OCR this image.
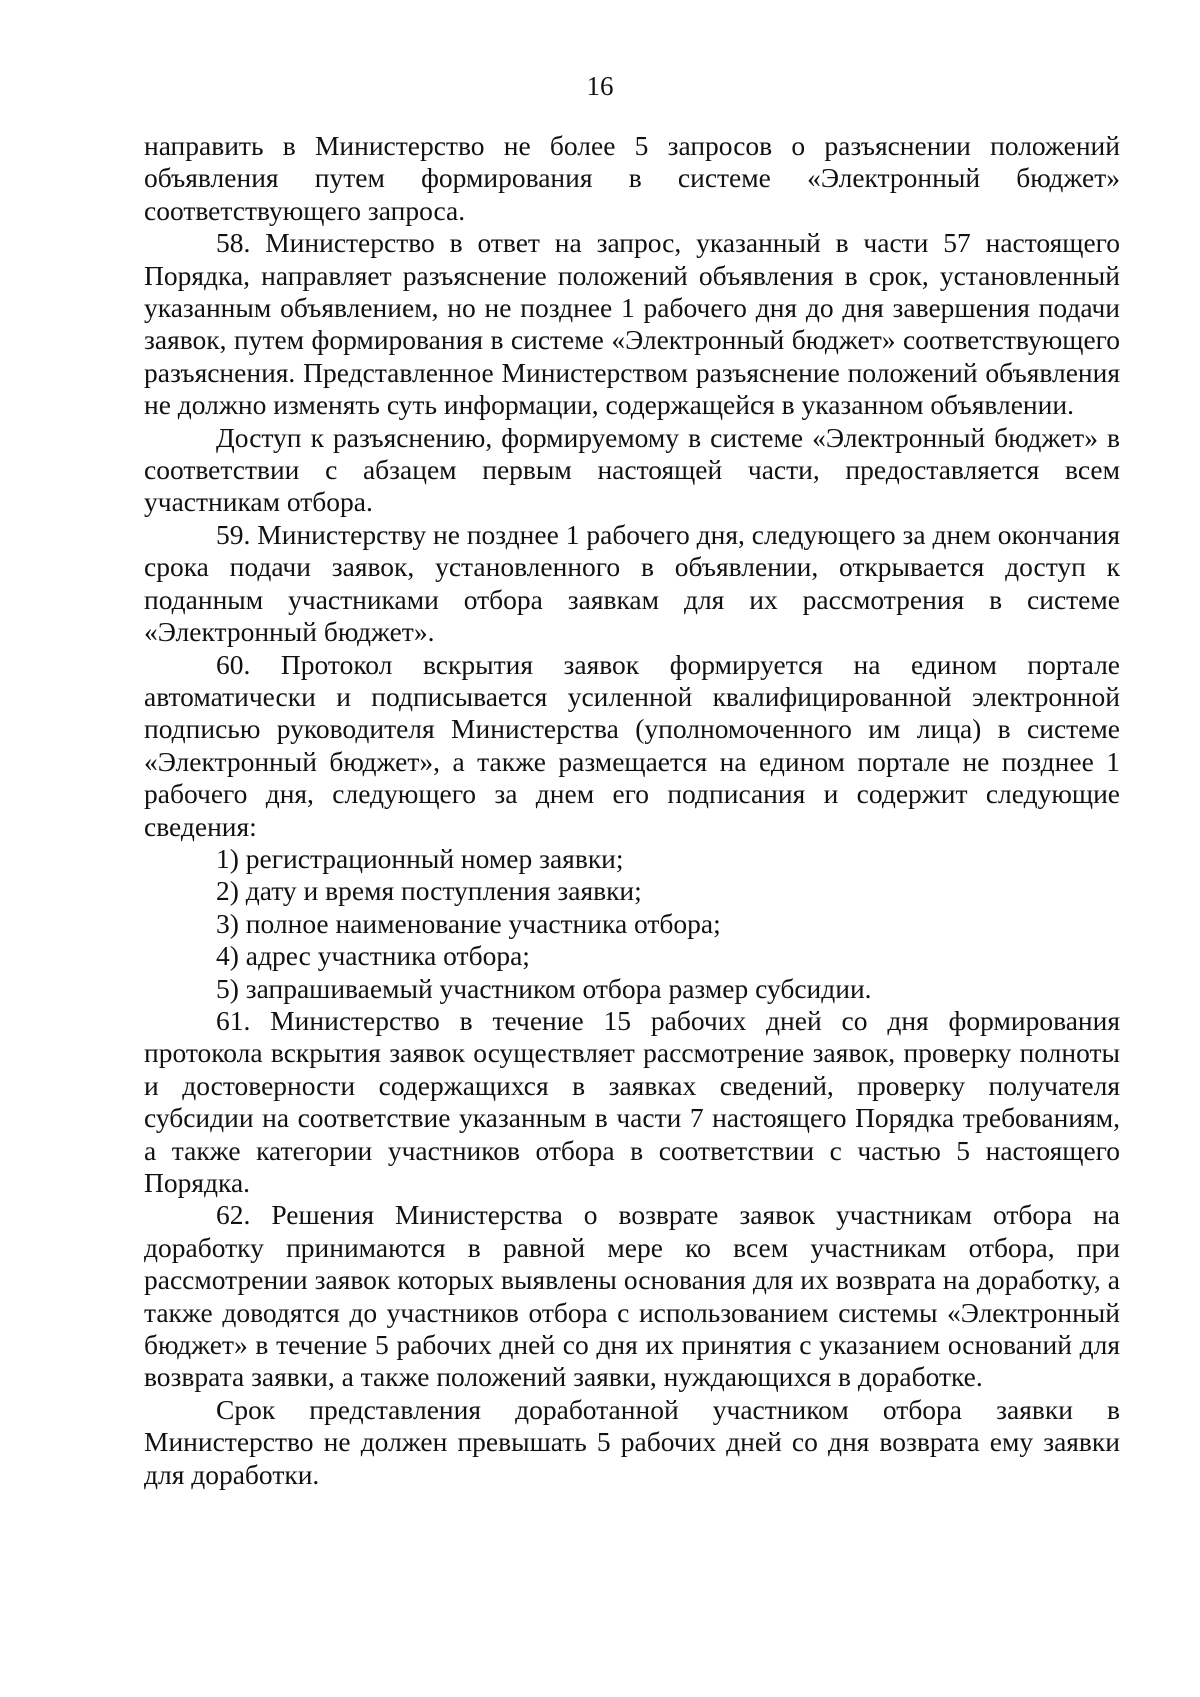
16

направить в Министерство не более 5 запросов о разъяснении положений объявления путем формирования в системе «Электронный бюджет» соответствующего запроса.

58. Министерство в ответ на запрос, указанный в части 57 настоящего Порядка, направляет разъяснение положений объявления в срок, установленный указанным объявлением, но не позднее 1 рабочего дня до дня завершения подачи заявок, путем формирования в системе «Электронный бюджет» соответствующего разъяснения. Представленное Министерством разъяснение положений объявления не должно изменять суть информации, содержащейся в указанном объявлении.

Доступ к разъяснению, формируемому в системе «Электронный бюджет» в соответствии с абзацем первым настоящей части, предоставляется всем участникам отбора.

59. Министерству не позднее 1 рабочего дня, следующего за днем окончания срока подачи заявок, установленного в объявлении, открывается доступ к поданным участниками отбора заявкам для их рассмотрения в системе «Электронный бюджет».

60. Протокол вскрытия заявок формируется на едином портале автоматически и подписывается усиленной квалифицированной электронной подписью руководителя Министерства (уполномоченного им лица) в системе «Электронный бюджет», а также размещается на едином портале не позднее 1 рабочего дня, следующего за днем его подписания и содержит следующие сведения:

1) регистрационный номер заявки;

2) дату и время поступления заявки;

3) полное наименование участника отбора;

4) адрес участника отбора;

5) запрашиваемый участником отбора размер субсидии.

61. Министерство в течение 15 рабочих дней со дня формирования протокола вскрытия заявок осуществляет рассмотрение заявок, проверку полноты и достоверности содержащихся в заявках сведений, проверку получателя субсидии на соответствие указанным в части 7 настоящего Порядка требованиям, а также категории участников отбора в соответствии с частью 5 настоящего Порядка.

62. Решения Министерства о возврате заявок участникам отбора на доработку принимаются в равной мере ко всем участникам отбора, при рассмотрении заявок которых выявлены основания для их возврата на доработку, а также доводятся до участников отбора с использованием системы «Электронный бюджет» в течение 5 рабочих дней со дня их принятия с указанием оснований для возврата заявки, а также положений заявки, нуждающихся в доработке.

Срок представления доработанной участником отбора заявки в Министерство не должен превышать 5 рабочих дней со дня возврата ему заявки для доработки.
